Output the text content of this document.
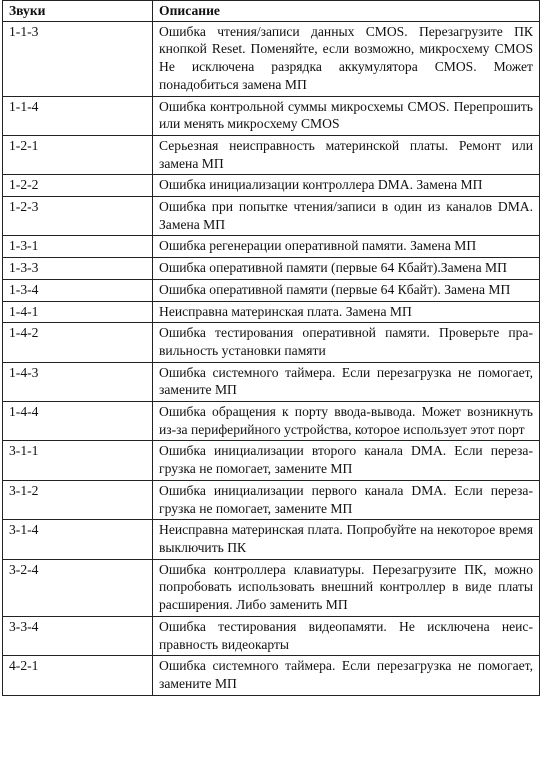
Звуки	Описание
1-1-3	Ошибка чтения/записи данных CMOS. Перезагрузите ПК кнопкой Reset. Поменяйте, если возможно, микросхему CMOS Не исключена разрядка аккумулятора CMOS. Может понадобиться замена МП
1-1-4	Ошибка контрольной суммы микросхемы CMOS. Перепрошить или менять микросхему CMOS
1-2-1	Серьезная неисправность материнской платы. Ремонт или замена МП
1-2-2	Ошибка инициализации контроллера DMA. Замена МП
1-2-3	Ошибка при попытке чтения/записи в один из каналов DMA. Замена МП
1-3-1	Ошибка регенерации оперативной памяти. Замена МП
1-3-3	Ошибка оперативной памяти (первые 64 Кбайт).Замена МП
1-3-4	Ошибка оперативной памяти (первые 64 Кбайт). Замена МП
1-4-1	Неисправна материнская плата. Замена МП
1-4-2	Ошибка тестирования оперативной памяти. Проверьте правильность установки памяти
1-4-3	Ошибка системного таймера. Если перезагрузка не помогает, замените МП
1-4-4	Ошибка обращения к порту ввода-вывода. Может возникнуть из-за периферийного устройства, которое использует этот порт
3-1-1	Ошибка инициализации второго канала DMA. Если перезагрузка не помогает, замените МП
3-1-2	Ошибка инициализации первого канала DMA. Если перезагрузка не помогает, замените МП
3-1-4	Неисправна материнская плата. Попробуйте на некоторое время выключить ПК
3-2-4	Ошибка контроллера клавиатуры. Перезагрузите ПК, можно попробовать использовать внешний контроллер в виде платы расширения. Либо заменить МП
3-3-4	Ошибка тестирования видеопамяти. Не исключена неисправность видеокарты
4-2-1	Ошибка системного таймера. Если перезагрузка не помогает, замените МП
